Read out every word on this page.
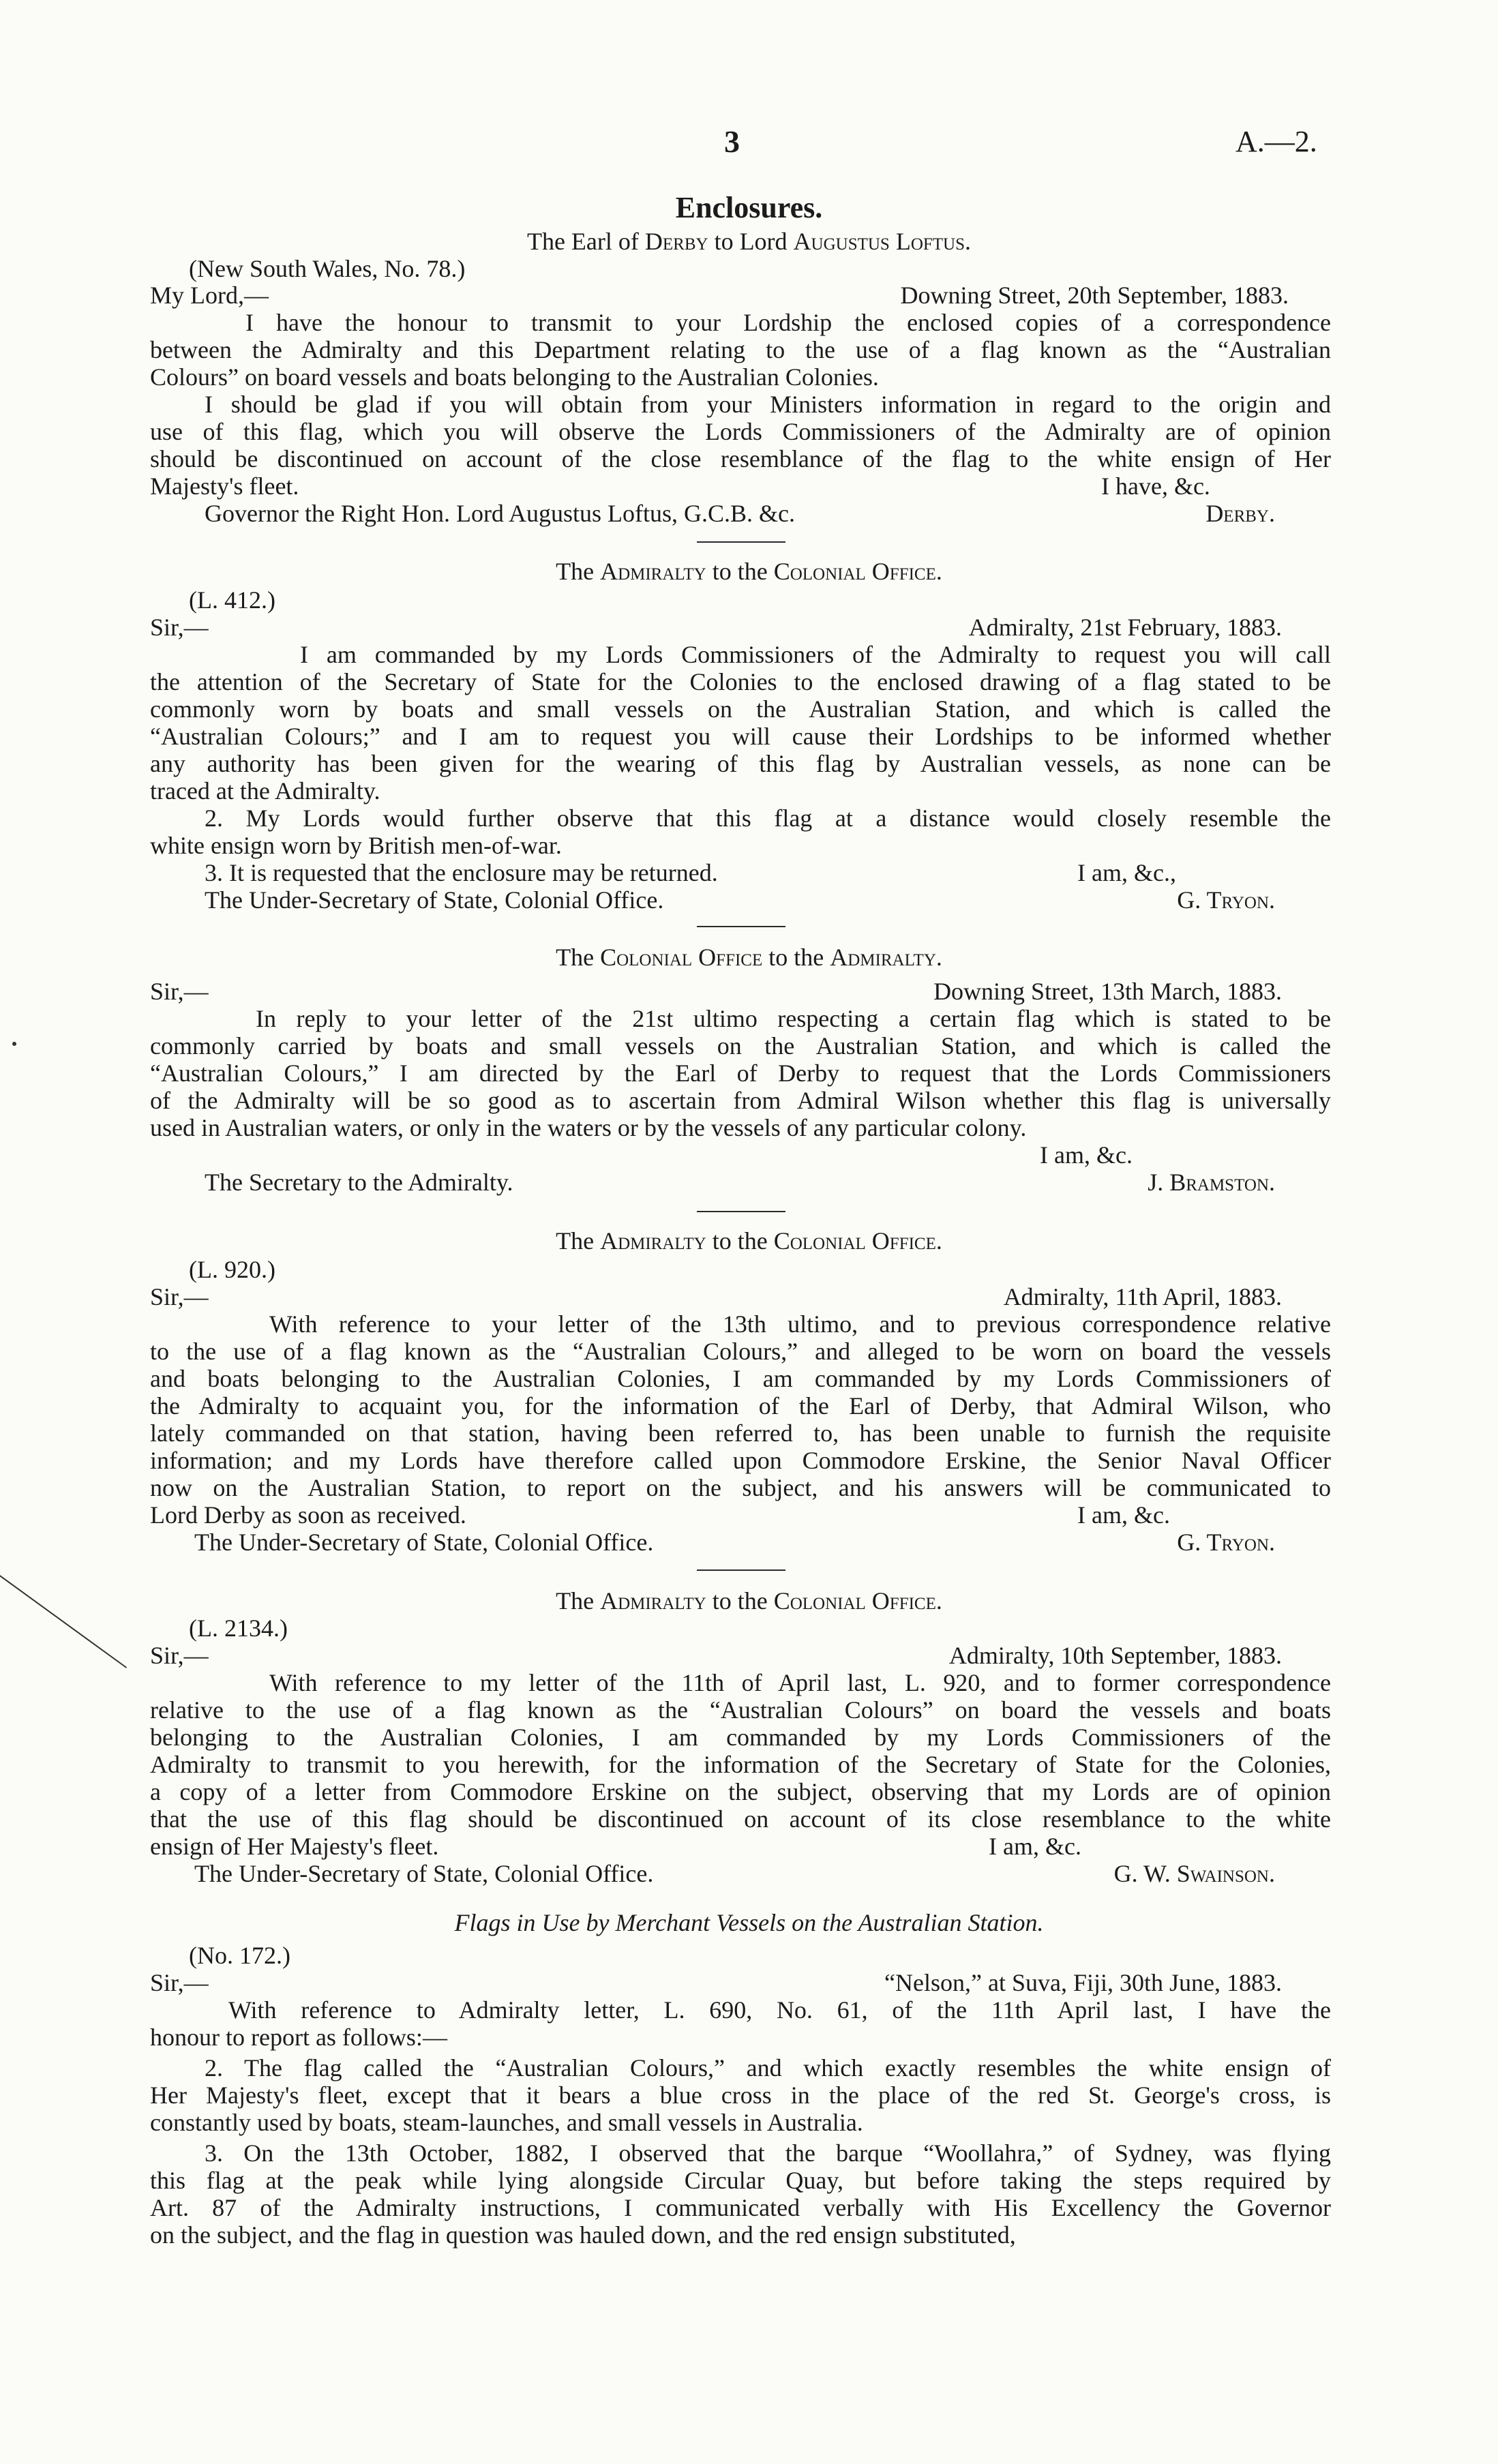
3	A.—2.
Enclosures.
The Earl of Derby to Lord Augustus Loftus.
(New South Wales, No. 78.)
My Lord,—	Downing Street, 20th September, 1883.
I have the honour to transmit to your Lordship the enclosed copies of a correspondence
between the Admiralty and this Department relating to the use of a flag known as the “Australian
Colours” on board vessels and boats belonging to the Australian Colonies.
I should be glad if you will obtain from your Ministers information in regard to the origin and
use of this flag, which you will observe the Lords Commissioners of the Admiralty are of opinion
should be discontinued on account of the close resemblance of the flag to the white ensign of Her
Majesty's fleet.	I have, &c.
Governor the Right Hon. Lord Augustus Loftus, G.C.B. &c.	Derby.
The Admiralty to the Colonial Office.
(L. 412.)
Sir,—	Admiralty, 21st February, 1883.
I am commanded by my Lords Commissioners of the Admiralty to request you will call
the attention of the Secretary of State for the Colonies to the enclosed drawing of a flag stated to be
commonly worn by boats and small vessels on the Australian Station, and which is called the
“Australian Colours;” and I am to request you will cause their Lordships to be informed whether
any authority has been given for the wearing of this flag by Australian vessels, as none can be
traced at the Admiralty.
2. My Lords would further observe that this flag at a distance would closely resemble the
white ensign worn by British men-of-war.
3. It is requested that the enclosure may be returned.	I am, &c.,
The Under-Secretary of State, Colonial Office.	G. Tryon.
The Colonial Office to the Admiralty.
Sir,—	Downing Street, 13th March, 1883.
In reply to your letter of the 21st ultimo respecting a certain flag which is stated to be
commonly carried by boats and small vessels on the Australian Station, and which is called the
“Australian Colours,” I am directed by the Earl of Derby to request that the Lords Commissioners
of the Admiralty will be so good as to ascertain from Admiral Wilson whether this flag is universally
used in Australian waters, or only in the waters or by the vessels of any particular colony.
I am, &c.
The Secretary to the Admiralty.	J. Bramston.
The Admiralty to the Colonial Office.
(L. 920.)
Sir,—	Admiralty, 11th April, 1883.
With reference to your letter of the 13th ultimo, and to previous correspondence relative
to the use of a flag known as the “Australian Colours,” and alleged to be worn on board the vessels
and boats belonging to the Australian Colonies, I am commanded by my Lords Commissioners of
the Admiralty to acquaint you, for the information of the Earl of Derby, that Admiral Wilson, who
lately commanded on that station, having been referred to, has been unable to furnish the requisite
information; and my Lords have therefore called upon Commodore Erskine, the Senior Naval Officer
now on the Australian Station, to report on the subject, and his answers will be communicated to
Lord Derby as soon as received.	I am, &c.
The Under-Secretary of State, Colonial Office.	G. Tryon.
The Admiralty to the Colonial Office.
(L. 2134.)
Sir,—	Admiralty, 10th September, 1883.
With reference to my letter of the 11th of April last, L. 920, and to former correspondence
relative to the use of a flag known as the “Australian Colours” on board the vessels and boats
belonging to the Australian Colonies, I am commanded by my Lords Commissioners of the
Admiralty to transmit to you herewith, for the information of the Secretary of State for the Colonies,
a copy of a letter from Commodore Erskine on the subject, observing that my Lords are of opinion
that the use of this flag should be discontinued on account of its close resemblance to the white
ensign of Her Majesty's fleet.	I am, &c.
The Under-Secretary of State, Colonial Office.	G. W. Swainson.
Flags in Use by Merchant Vessels on the Australian Station.
(No. 172.)
Sir,—	“Nelson,” at Suva, Fiji, 30th June, 1883.
With reference to Admiralty letter, L. 690, No. 61, of the 11th April last, I have the
honour to report as follows:—
2. The flag called the “Australian Colours,” and which exactly resembles the white ensign of
Her Majesty's fleet, except that it bears a blue cross in the place of the red St. George's cross, is
constantly used by boats, steam-launches, and small vessels in Australia.
3. On the 13th October, 1882, I observed that the barque “Woollahra,” of Sydney, was flying
this flag at the peak while lying alongside Circular Quay, but before taking the steps required by
Art. 87 of the Admiralty instructions, I communicated verbally with His Excellency the Governor
on the subject, and the flag in question was hauled down, and the red ensign substituted,
